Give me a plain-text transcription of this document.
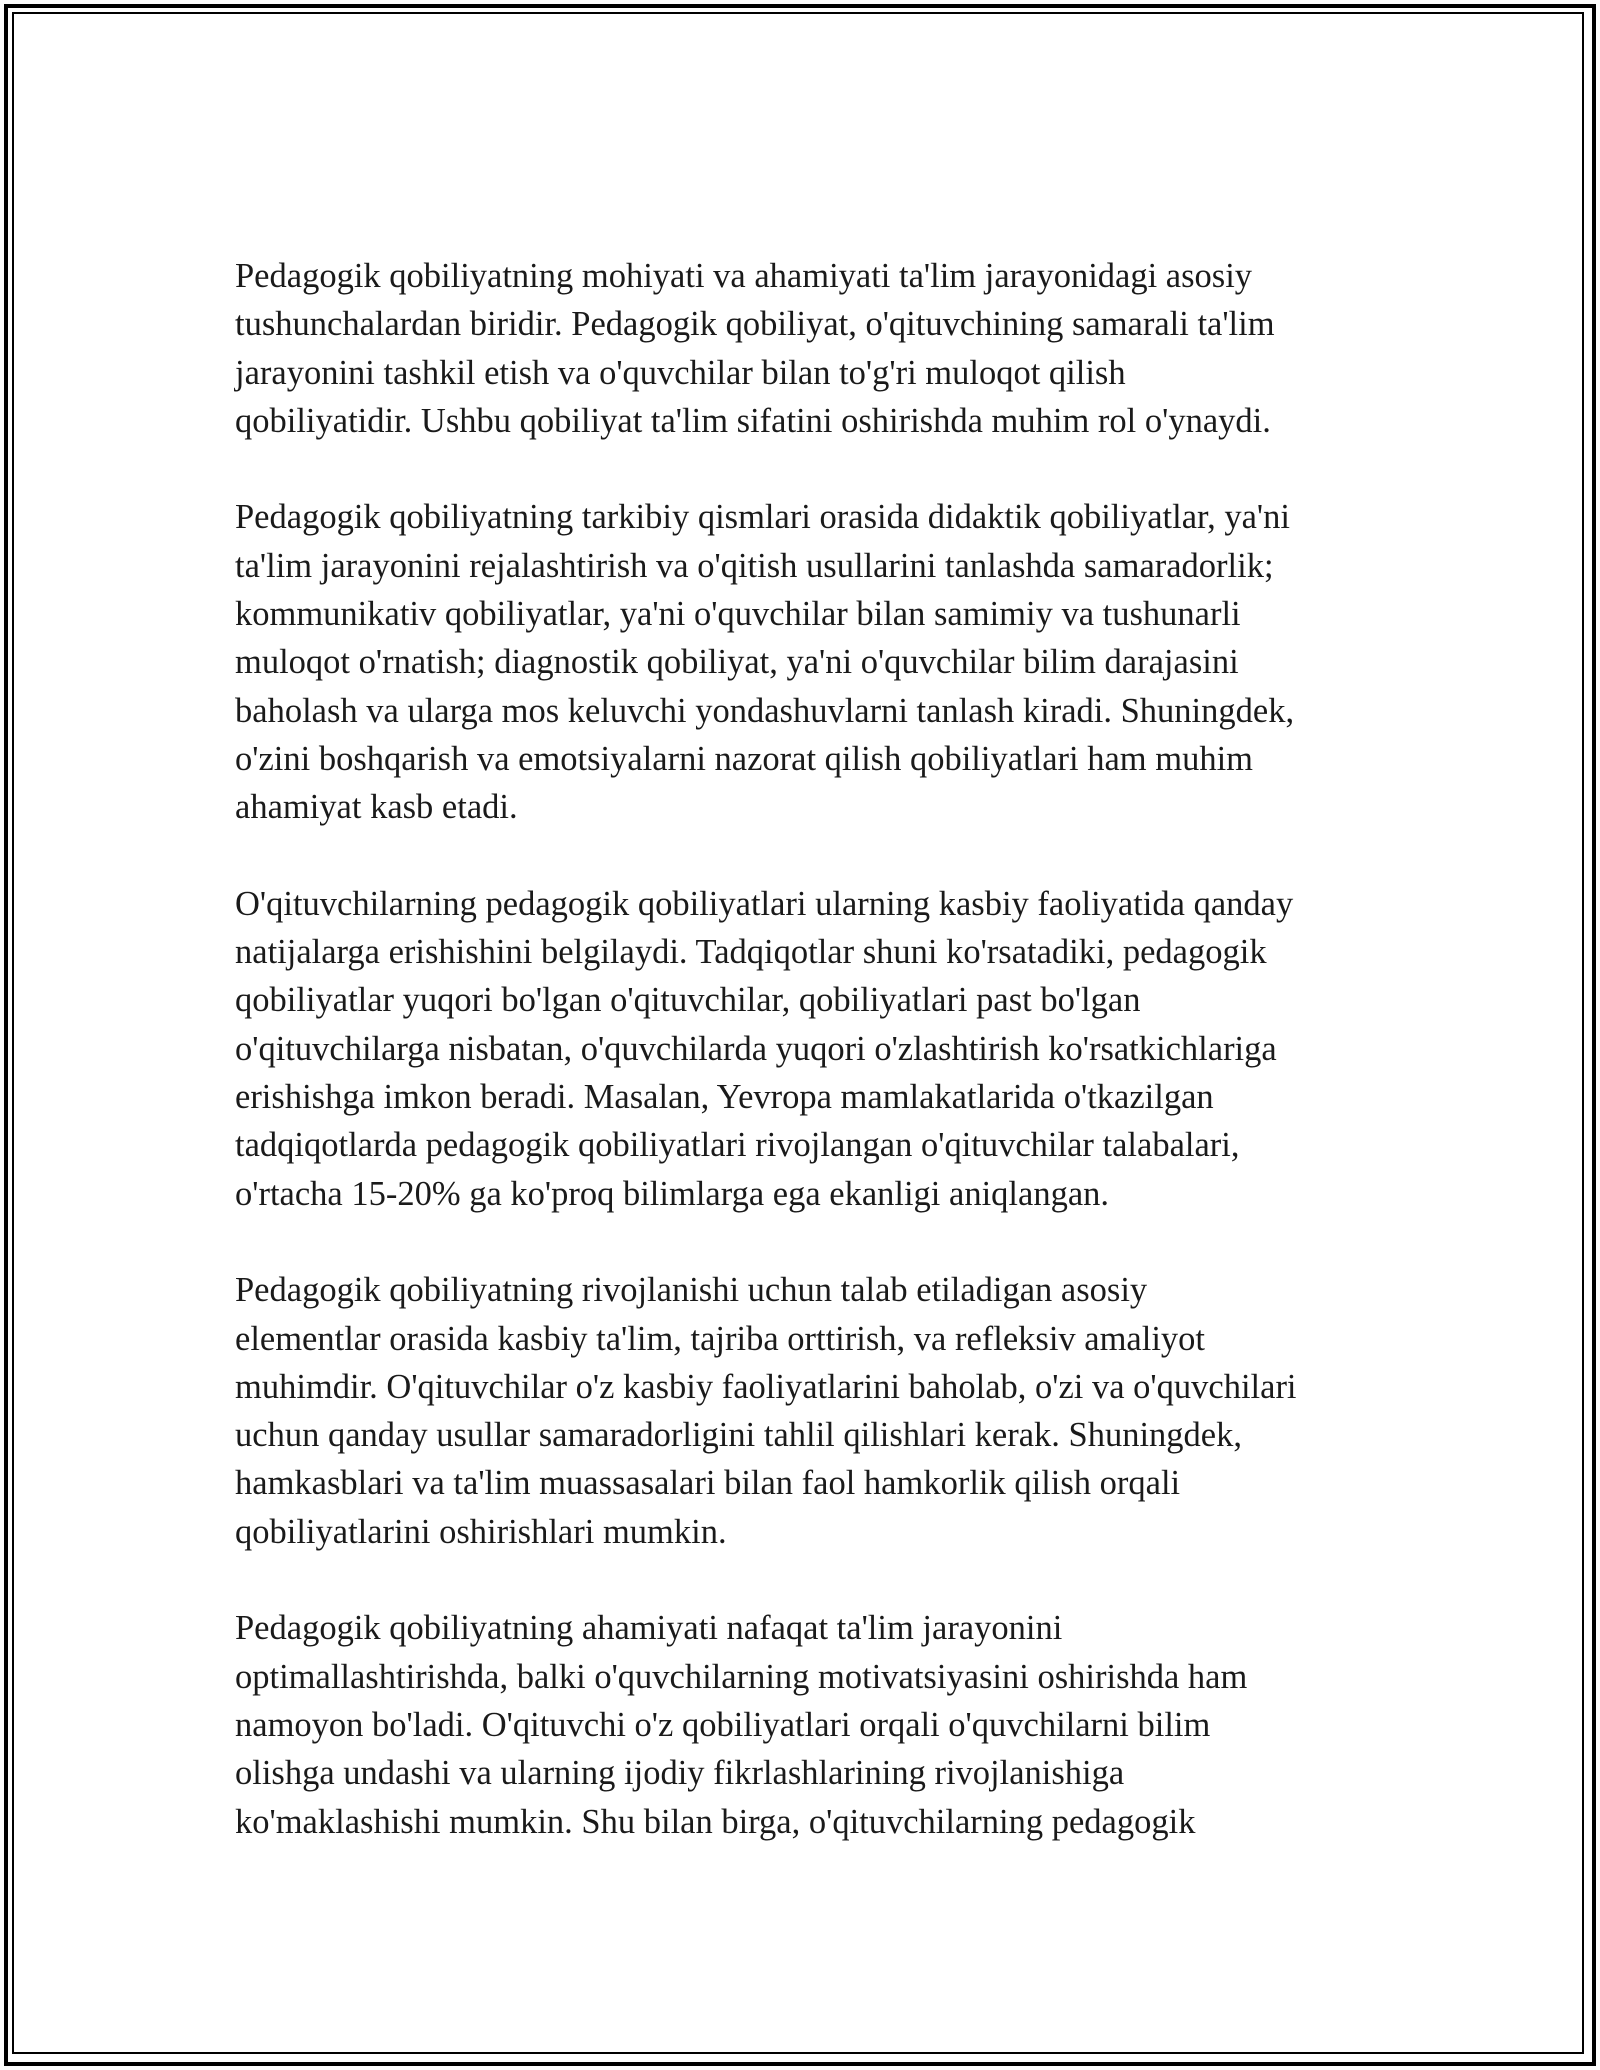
Pedagogik qobiliyatning mohiyati va ahamiyati ta'lim jarayonidagi asosiy
tushunchalardan biridir. Pedagogik qobiliyat, o'qituvchining samarali ta'lim
jarayonini tashkil etish va o'quvchilar bilan to'g'ri muloqot qilish
qobiliyatidir. Ushbu qobiliyat ta'lim sifatini oshirishda muhim rol o'ynaydi.

Pedagogik qobiliyatning tarkibiy qismlari orasida didaktik qobiliyatlar, ya'ni
ta'lim jarayonini rejalashtirish va o'qitish usullarini tanlashda samaradorlik;
kommunikativ qobiliyatlar, ya'ni o'quvchilar bilan samimiy va tushunarli
muloqot o'rnatish; diagnostik qobiliyat, ya'ni o'quvchilar bilim darajasini
baholash va ularga mos keluvchi yondashuvlarni tanlash kiradi. Shuningdek,
o'zini boshqarish va emotsiyalarni nazorat qilish qobiliyatlari ham muhim
ahamiyat kasb etadi.

O'qituvchilarning pedagogik qobiliyatlari ularning kasbiy faoliyatida qanday
natijalarga erishishini belgilaydi. Tadqiqotlar shuni ko'rsatadiki, pedagogik
qobiliyatlar yuqori bo'lgan o'qituvchilar, qobiliyatlari past bo'lgan
o'qituvchilarga nisbatan, o'quvchilarda yuqori o'zlashtirish ko'rsatkichlariga
erishishga imkon beradi. Masalan, Yevropa mamlakatlarida o'tkazilgan
tadqiqotlarda pedagogik qobiliyatlari rivojlangan o'qituvchilar talabalari,
o'rtacha 15-20% ga ko'proq bilimlarga ega ekanligi aniqlangan.

Pedagogik qobiliyatning rivojlanishi uchun talab etiladigan asosiy
elementlar orasida kasbiy ta'lim, tajriba orttirish, va refleksiv amaliyot
muhimdir. O'qituvchilar o'z kasbiy faoliyatlarini baholab, o'zi va o'quvchilari
uchun qanday usullar samaradorligini tahlil qilishlari kerak. Shuningdek,
hamkasblari va ta'lim muassasalari bilan faol hamkorlik qilish orqali
qobiliyatlarini oshirishlari mumkin.

Pedagogik qobiliyatning ahamiyati nafaqat ta'lim jarayonini
optimallashtirishda, balki o'quvchilarning motivatsiyasini oshirishda ham
namoyon bo'ladi. O'qituvchi o'z qobiliyatlari orqali o'quvchilarni bilim
olishga undashi va ularning ijodiy fikrlashlarining rivojlanishiga
ko'maklashishi mumkin. Shu bilan birga, o'qituvchilarning pedagogik
